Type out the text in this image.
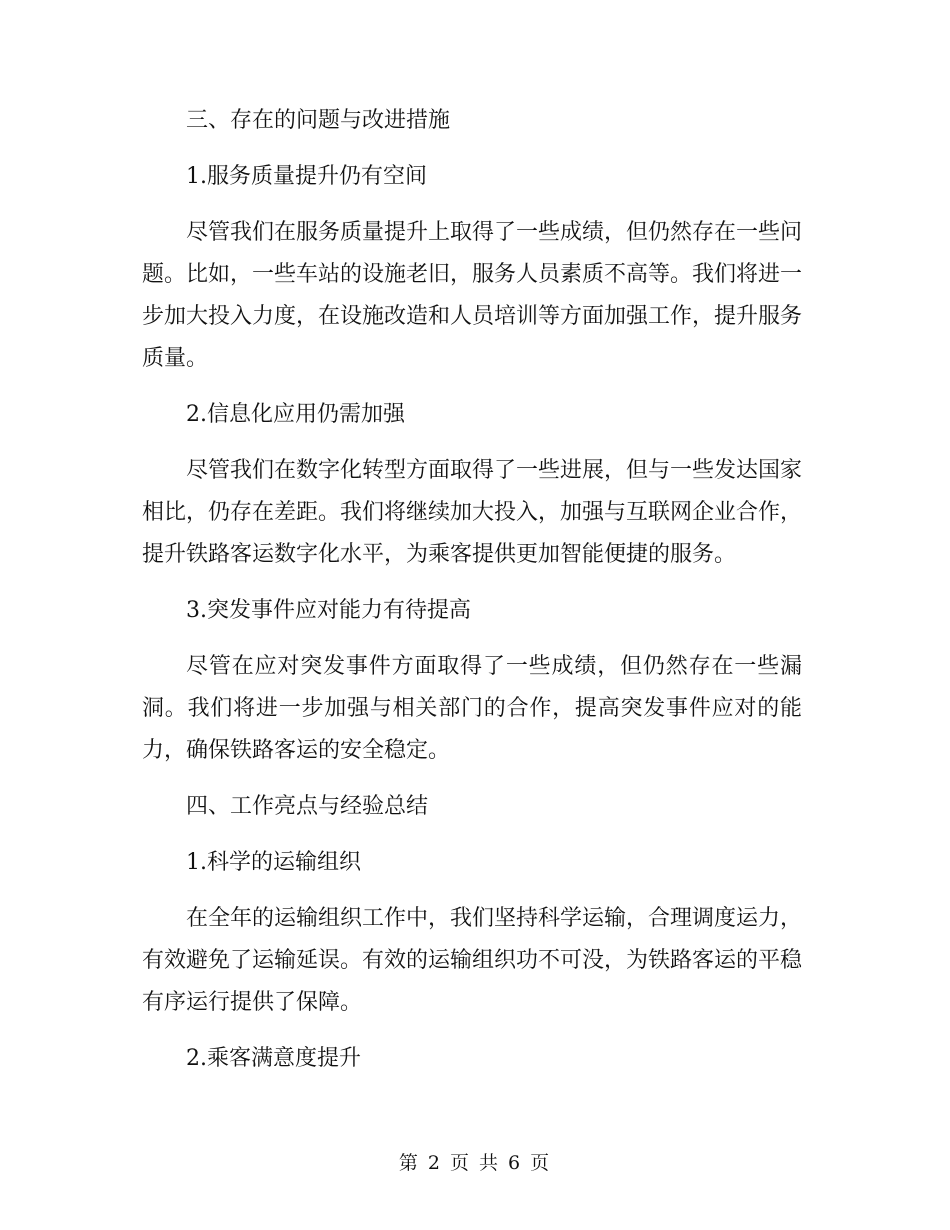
三、存在的问题与改进措施

1.服务质量提升仍有空间

尽管我们在服务质量提升上取得了一些成绩，但仍然存在一些问题。比如，一些车站的设施老旧，服务人员素质不高等。我们将进一步加大投入力度，在设施改造和人员培训等方面加强工作，提升服务质量。

2.信息化应用仍需加强

尽管我们在数字化转型方面取得了一些进展，但与一些发达国家相比，仍存在差距。我们将继续加大投入，加强与互联网企业合作，提升铁路客运数字化水平，为乘客提供更加智能便捷的服务。

3.突发事件应对能力有待提高

尽管在应对突发事件方面取得了一些成绩，但仍然存在一些漏洞。我们将进一步加强与相关部门的合作，提高突发事件应对的能力，确保铁路客运的安全稳定。

四、工作亮点与经验总结

1.科学的运输组织

在全年的运输组织工作中，我们坚持科学运输，合理调度运力，有效避免了运输延误。有效的运输组织功不可没，为铁路客运的平稳有序运行提供了保障。

2.乘客满意度提升

第 2 页 共 6 页
